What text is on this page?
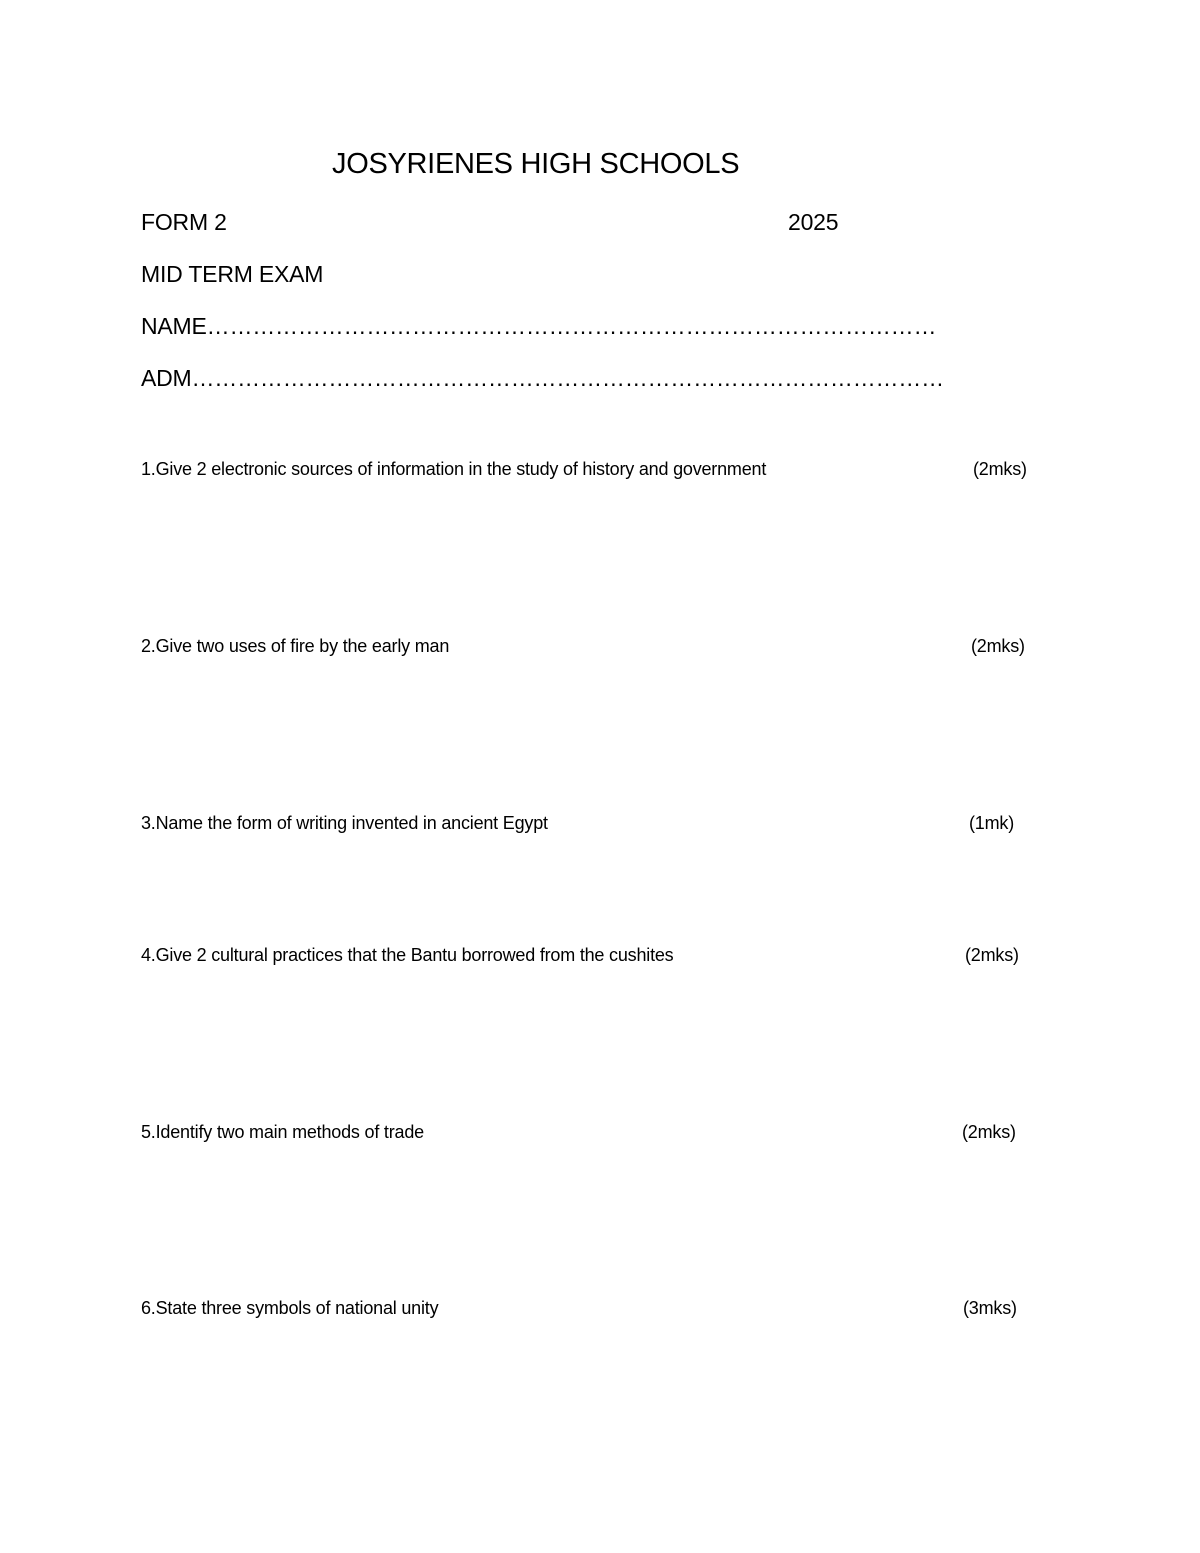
JOSYRIENES HIGH SCHOOLS
FORM 2	2025
MID TERM EXAM
NAME……………………………………………………………………………………
ADM………………………………………………………………………………………
1.Give 2 electronic sources of information in the study of history and government	(2mks)
2.Give two uses of fire by the early man	(2mks)
3.Name the form of writing invented in ancient Egypt	(1mk)
4.Give 2 cultural practices that the Bantu borrowed from the cushites	(2mks)
5.Identify two main methods of trade	(2mks)
6.State three symbols of national unity	(3mks)
